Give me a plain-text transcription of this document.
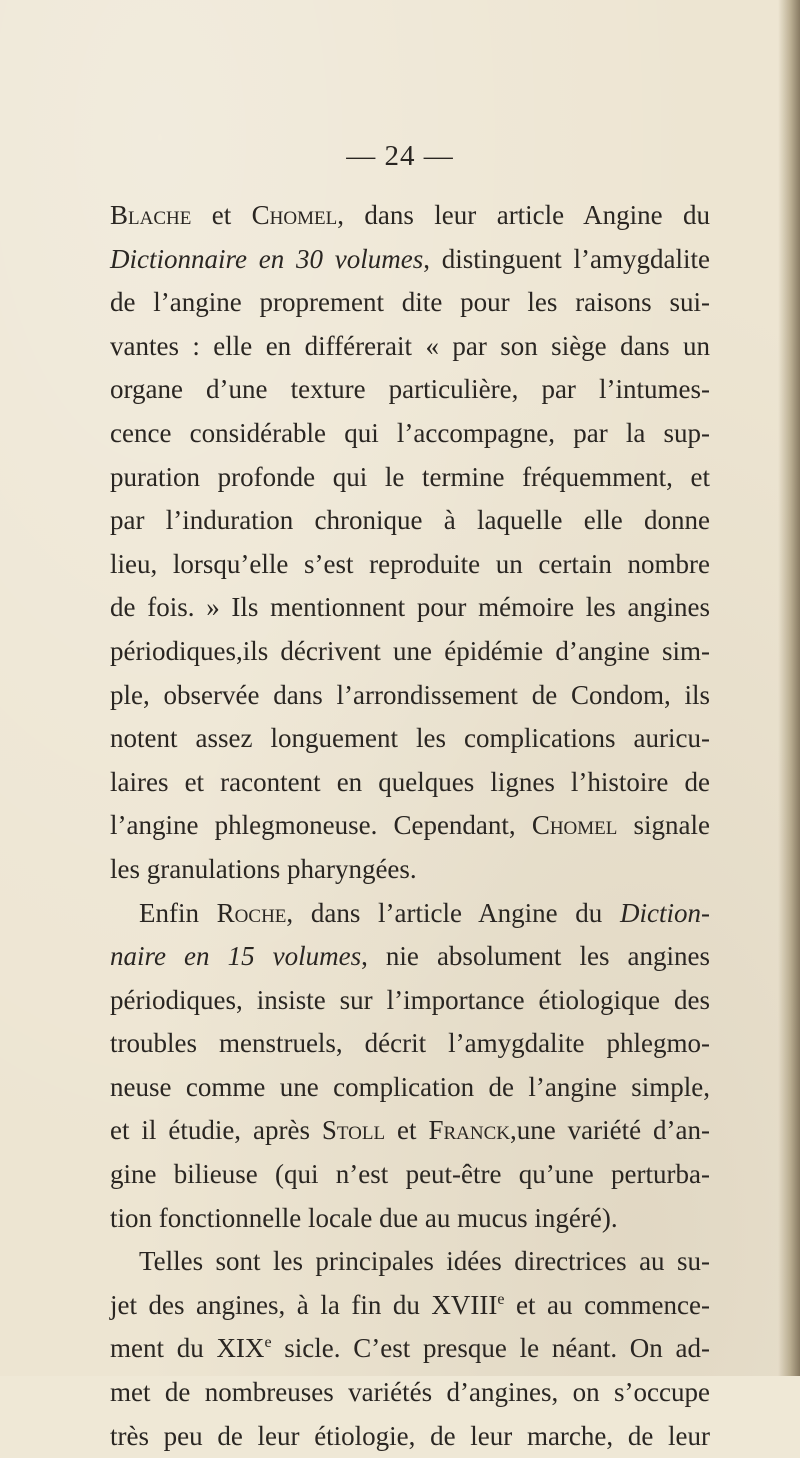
— 24 —
Blache et Chomel, dans leur article Angine du
Dictionnaire en 30 volumes, distinguent l’amygdalite
de l’angine proprement dite pour les raisons sui-
vantes : elle en différerait « par son siège dans un
organe d’une texture particulière, par l’intumes-
cence considérable qui l’accompagne, par la sup-
puration profonde qui le termine fréquemment, et
par l’induration chronique à laquelle elle donne
lieu, lorsqu’elle s’est reproduite un certain nombre
de fois. » Ils mentionnent pour mémoire les angines
périodiques,ils décrivent une épidémie d’angine sim-
ple, observée dans l’arrondissement de Condom, ils
notent assez longuement les complications auricu-
laires et racontent en quelques lignes l’histoire de
l’angine phlegmoneuse. Cependant, Chomel signale
les granulations pharyngées.
Enfin Roche, dans l’article Angine du Diction-
naire en 15 volumes, nie absolument les angines
périodiques, insiste sur l’importance étiologique des
troubles menstruels, décrit l’amygdalite phlegmo-
neuse comme une complication de l’angine simple,
et il étudie, après Stoll et Franck,une variété d’an-
gine bilieuse (qui n’est peut-être qu’une perturba-
tion fonctionnelle locale due au mucus ingéré).
Telles sont les principales idées directrices au su-
jet des angines, à la fin du XVIIIe et au commence-
ment du XIXe sicle. C’est presque le néant. On ad-
met de nombreuses variétés d’angines, on s’occupe
très peu de leur étiologie, de leur marche, de leur
